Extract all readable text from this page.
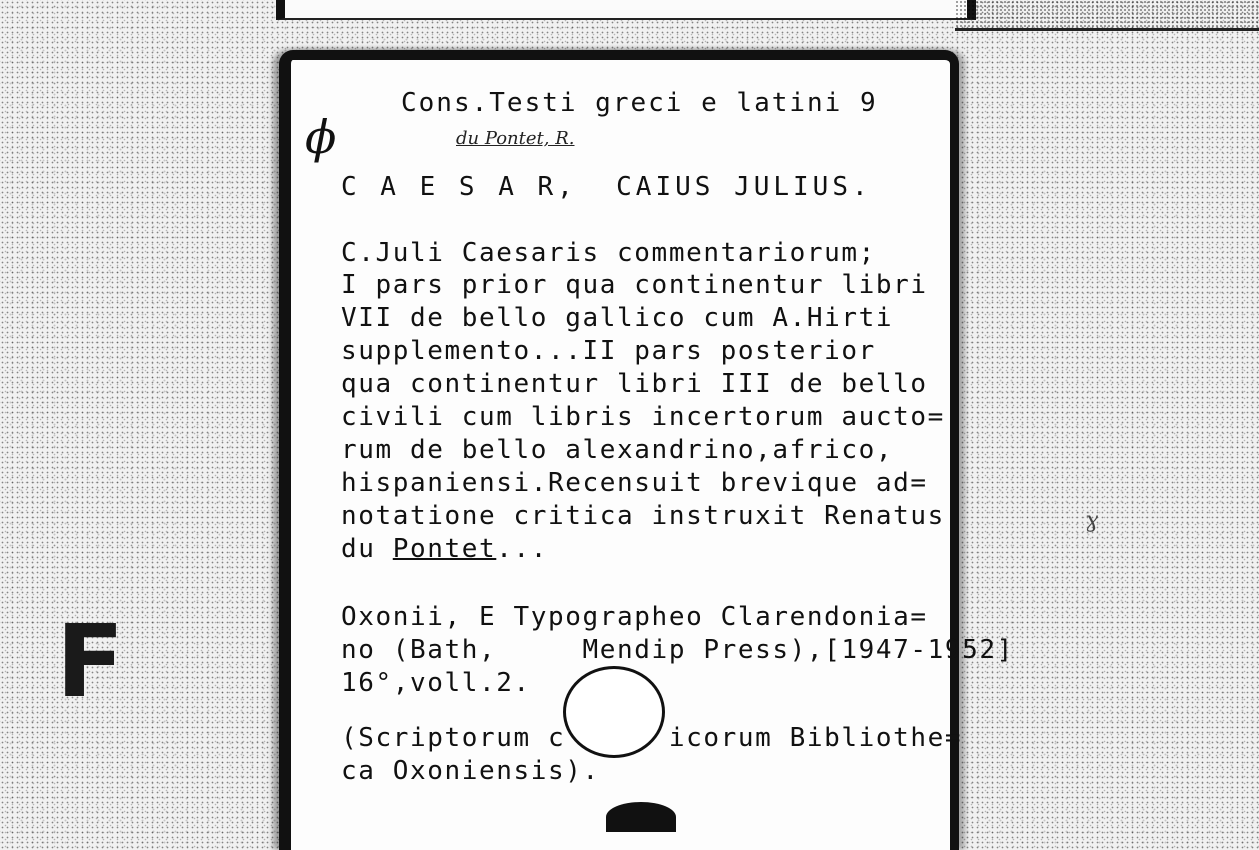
F
ɣ
ϕ
Cons.Testi greci e latini 9
du Pontet, R.
C A E S A R,  CAIUS JULIUS.
C.Juli Caesaris commentariorum;
I pars prior qua continentur libri
VII de bello gallico cum A.Hirti
supplemento...II pars posterior
qua continentur libri III de bello
civili cum libris incertorum aucto=
rum de bello alexandrino,africo,
hispaniensi.Recensuit brevique ad=
notatione critica instruxit Renatus
du Pontet...
Oxonii, E Typographeo Clarendonia=
no (Bath,     Mendip Press),[1947-1952]
16°,voll.2.
(Scriptorum c      icorum Bibliothe=
ca Oxoniensis).
